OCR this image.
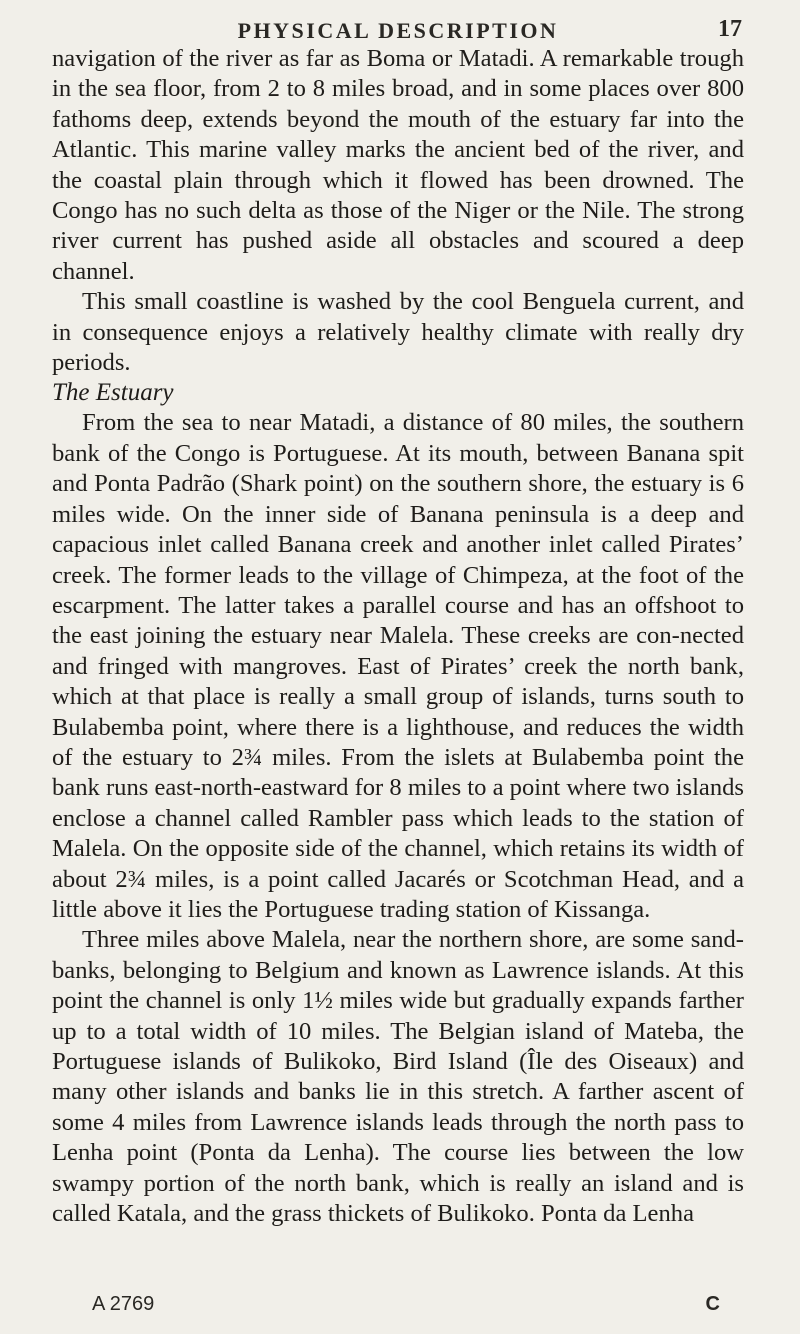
PHYSICAL DESCRIPTION	17

navigation of the river as far as Boma or Matadi. A remarkable trough in the sea floor, from 2 to 8 miles broad, and in some places over 800 fathoms deep, extends beyond the mouth of the estuary far into the Atlantic. This marine valley marks the ancient bed of the river, and the coastal plain through which it flowed has been drowned. The Congo has no such delta as those of the Niger or the Nile. The strong river current has pushed aside all obstacles and scoured a deep channel.

This small coastline is washed by the cool Benguela current, and in consequence enjoys a relatively healthy climate with really dry periods.

The Estuary

From the sea to near Matadi, a distance of 80 miles, the southern bank of the Congo is Portuguese. At its mouth, between Banana spit and Ponta Padrão (Shark point) on the southern shore, the estuary is 6 miles wide. On the inner side of Banana peninsula is a deep and capacious inlet called Banana creek and another inlet called Pirates’ creek. The former leads to the village of Chimpeza, at the foot of the escarpment. The latter takes a parallel course and has an offshoot to the east joining the estuary near Malela. These creeks are con-nected and fringed with mangroves. East of Pirates’ creek the north bank, which at that place is really a small group of islands, turns south to Bulabemba point, where there is a lighthouse, and reduces the width of the estuary to 2¾ miles. From the islets at Bulabemba point the bank runs east-north-eastward for 8 miles to a point where two islands enclose a channel called Rambler pass which leads to the station of Malela. On the opposite side of the channel, which retains its width of about 2¾ miles, is a point called Jacarés or Scotchman Head, and a little above it lies the Portuguese trading station of Kissanga.

Three miles above Malela, near the northern shore, are some sand-banks, belonging to Belgium and known as Lawrence islands. At this point the channel is only 1½ miles wide but gradually expands farther up to a total width of 10 miles. The Belgian island of Mateba, the Portuguese islands of Bulikoko, Bird Island (Île des Oiseaux) and many other islands and banks lie in this stretch. A farther ascent of some 4 miles from Lawrence islands leads through the north pass to Lenha point (Ponta da Lenha). The course lies between the low swampy portion of the north bank, which is really an island and is called Katala, and the grass thickets of Bulikoko. Ponta da Lenha

A 2769	C
